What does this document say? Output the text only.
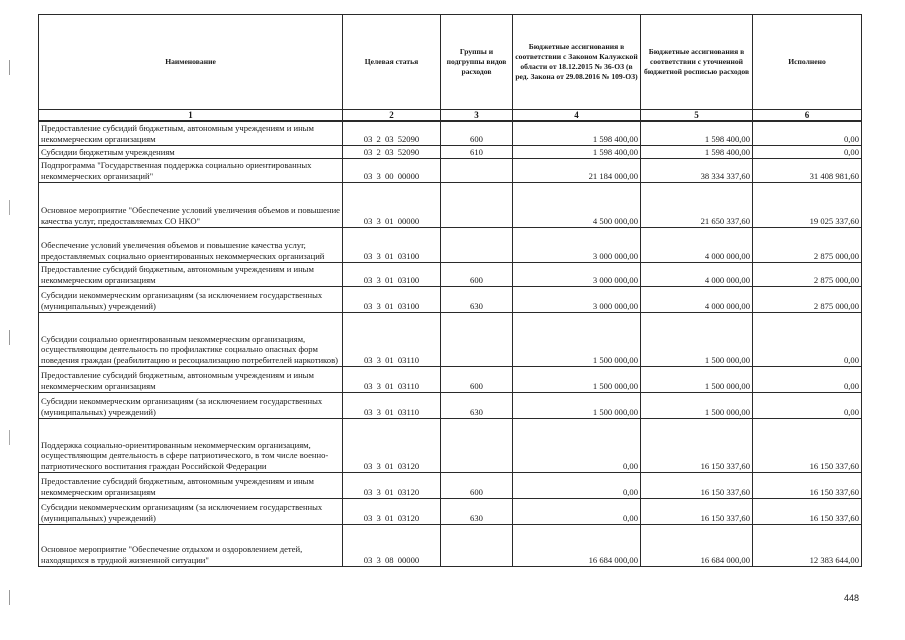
Наименование	Целевая статья	Группы и подгруппы видов расходов	Бюджетные ассигнования в соответствии с Законом Калужской области от 18.12.2015 № 36-ОЗ (в ред. Закона от 29.08.2016 № 109-ОЗ)	Бюджетные ассигнования в соответствии с уточненной бюджетной росписью расходов	Исполнено
1	2	3	4	5	6
Предоставление субсидий бюджетным, автономным учреждениям и иным некоммерческим организациям	03 2 03 52090	600	1 598 400,00	1 598 400,00	0,00
Субсидии бюджетным учреждениям	03 2 03 52090	610	1 598 400,00	1 598 400,00	0,00
Подпрограмма "Государственная поддержка социально ориентированных некоммерческих организаций"	03 3 00 00000		21 184 000,00	38 334 337,60	31 408 981,60
Основное мероприятие "Обеспечение условий увеличения объемов и повышение качества услуг, предоставляемых СО НКО"	03 3 01 00000		4 500 000,00	21 650 337,60	19 025 337,60
Обеспечение условий увеличения объемов и повышение качества услуг, предоставляемых социально ориентированных некоммерческих организаций	03 3 01 03100		3 000 000,00	4 000 000,00	2 875 000,00
Предоставление субсидий бюджетным, автономным учреждениям и иным некоммерческим организациям	03 3 01 03100	600	3 000 000,00	4 000 000,00	2 875 000,00
Субсидии некоммерческим организациям (за исключением государственных (муниципальных) учреждений)	03 3 01 03100	630	3 000 000,00	4 000 000,00	2 875 000,00
Субсидии социально ориентированным некоммерческим организациям, осуществляющим деятельность по профилактике социально опасных форм поведения граждан (реабилитацию и ресоциализацию потребителей наркотиков)	03 3 01 03110		1 500 000,00	1 500 000,00	0,00
Предоставление субсидий бюджетным, автономным учреждениям и иным некоммерческим организациям	03 3 01 03110	600	1 500 000,00	1 500 000,00	0,00
Субсидии некоммерческим организациям (за исключением государственных (муниципальных) учреждений)	03 3 01 03110	630	1 500 000,00	1 500 000,00	0,00
Поддержка социально-ориентированным некоммерческим организациям, осуществляющим деятельность в сфере патриотического, в том числе военно-патриотического воспитания граждан Российской Федерации	03 3 01 03120		0,00	16 150 337,60	16 150 337,60
Предоставление субсидий бюджетным, автономным учреждениям и иным некоммерческим организациям	03 3 01 03120	600	0,00	16 150 337,60	16 150 337,60
Субсидии некоммерческим организациям (за исключением государственных (муниципальных) учреждений)	03 3 01 03120	630	0,00	16 150 337,60	16 150 337,60
Основное мероприятие "Обеспечение отдыхом и оздоровлением детей, находящихся в трудной жизненной ситуации"	03 3 08 00000		16 684 000,00	16 684 000,00	12 383 644,00
448
